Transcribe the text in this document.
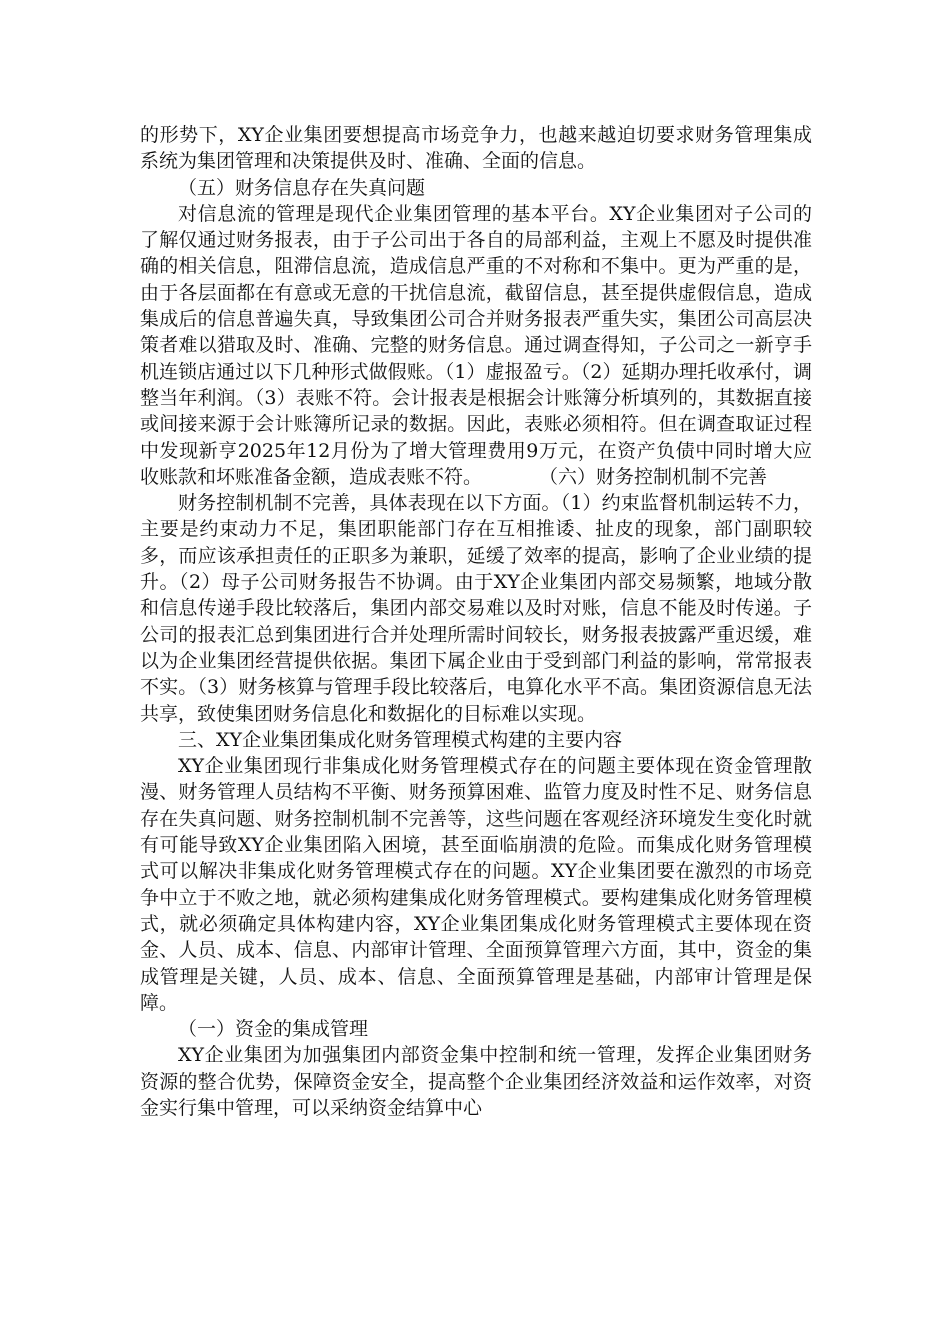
的形势下，XY企业集团要想提高市场竞争力，也越来越迫切要求财务管理集成系统为集团管理和决策提供及时、准确、全面的信息。

（五）财务信息存在失真问题

对信息流的管理是现代企业集团管理的基本平台。XY企业集团对子公司的了解仅通过财务报表，由于子公司出于各自的局部利益，主观上不愿及时提供准确的相关信息，阻滞信息流，造成信息严重的不对称和不集中。更为严重的是，由于各层面都在有意或无意的干扰信息流，截留信息，甚至提供虚假信息，造成集成后的信息普遍失真，导致集团公司合并财务报表严重失实，集团公司高层决策者难以猎取及时、准确、完整的财务信息。通过调查得知，子公司之一新亨手机连锁店通过以下几种形式做假账。（1）虚报盈亏。（2）延期办理托收承付，调整当年利润。（3）表账不符。会计报表是根据会计账簿分析填列的，其数据直接或间接来源于会计账簿所记录的数据。因此，表账必须相符。但在调查取证过程中发现新亨2025年12月份为了增大管理费用9万元，在资产负债中同时增大应收账款和坏账准备金额，造成表账不符。　　　　（六）财务控制机制不完善

财务控制机制不完善，具体表现在以下方面。（1）约束监督机制运转不力，主要是约束动力不足，集团职能部门存在互相推诿、扯皮的现象，部门副职较多，而应该承担责任的正职多为兼职，延缓了效率的提高，影响了企业业绩的提升。（2）母子公司财务报告不协调。由于XY企业集团内部交易频繁，地域分散和信息传递手段比较落后，集团内部交易难以及时对账，信息不能及时传递。子公司的报表汇总到集团进行合并处理所需时间较长，财务报表披露严重迟缓，难以为企业集团经营提供依据。集团下属企业由于受到部门利益的影响，常常报表不实。（3）财务核算与管理手段比较落后，电算化水平不高。集团资源信息无法共享，致使集团财务信息化和数据化的目标难以实现。

三、XY企业集团集成化财务管理模式构建的主要内容

XY企业集团现行非集成化财务管理模式存在的问题主要体现在资金管理散漫、财务管理人员结构不平衡、财务预算困难、监管力度及时性不足、财务信息存在失真问题、财务控制机制不完善等，这些问题在客观经济环境发生变化时就有可能导致XY企业集团陷入困境，甚至面临崩溃的危险。而集成化财务管理模式可以解决非集成化财务管理模式存在的问题。XY企业集团要在激烈的市场竞争中立于不败之地，就必须构建集成化财务管理模式。要构建集成化财务管理模式，就必须确定具体构建内容，XY企业集团集成化财务管理模式主要体现在资金、人员、成本、信息、内部审计管理、全面预算管理六方面，其中，资金的集成管理是关键，人员、成本、信息、全面预算管理是基础，内部审计管理是保障。

（一）资金的集成管理

XY企业集团为加强集团内部资金集中控制和统一管理，发挥企业集团财务资源的整合优势，保障资金安全，提高整个企业集团经济效益和运作效率，对资金实行集中管理，可以采纳资金结算中心
